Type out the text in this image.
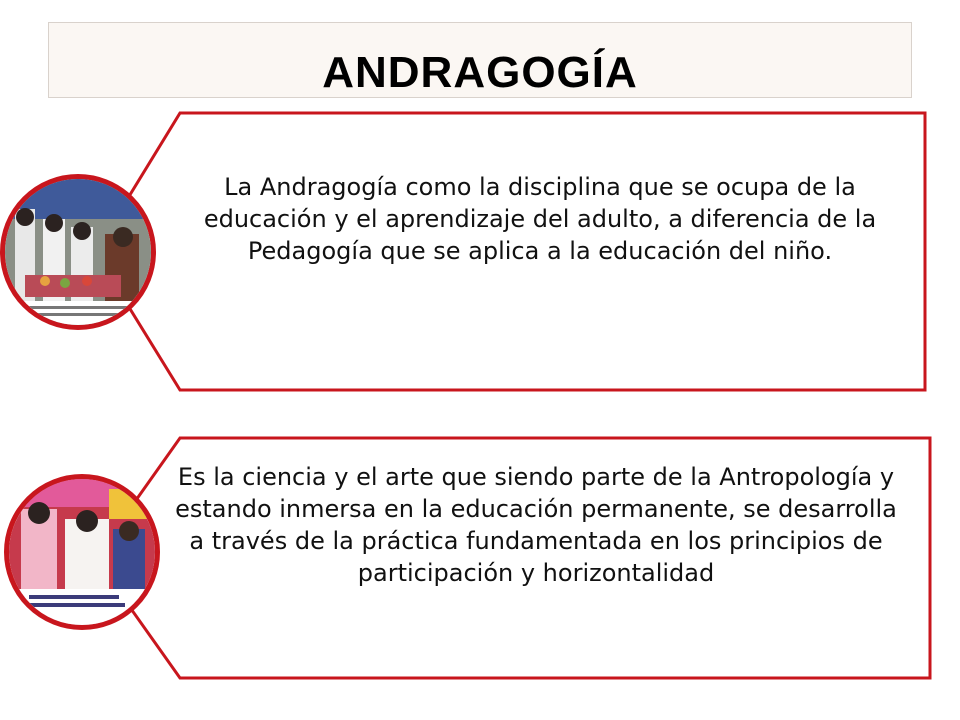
ANDRAGOGÍA
La Andragogía como la disciplina que se ocupa de la educación y el aprendizaje del adulto, a diferencia de la Pedagogía que se aplica a la educación del niño.
Es la ciencia y el arte que siendo parte de la Antropología y estando inmersa en la educación permanente, se desarrolla a través de la práctica fundamentada en los principios de participación y horizontalidad
